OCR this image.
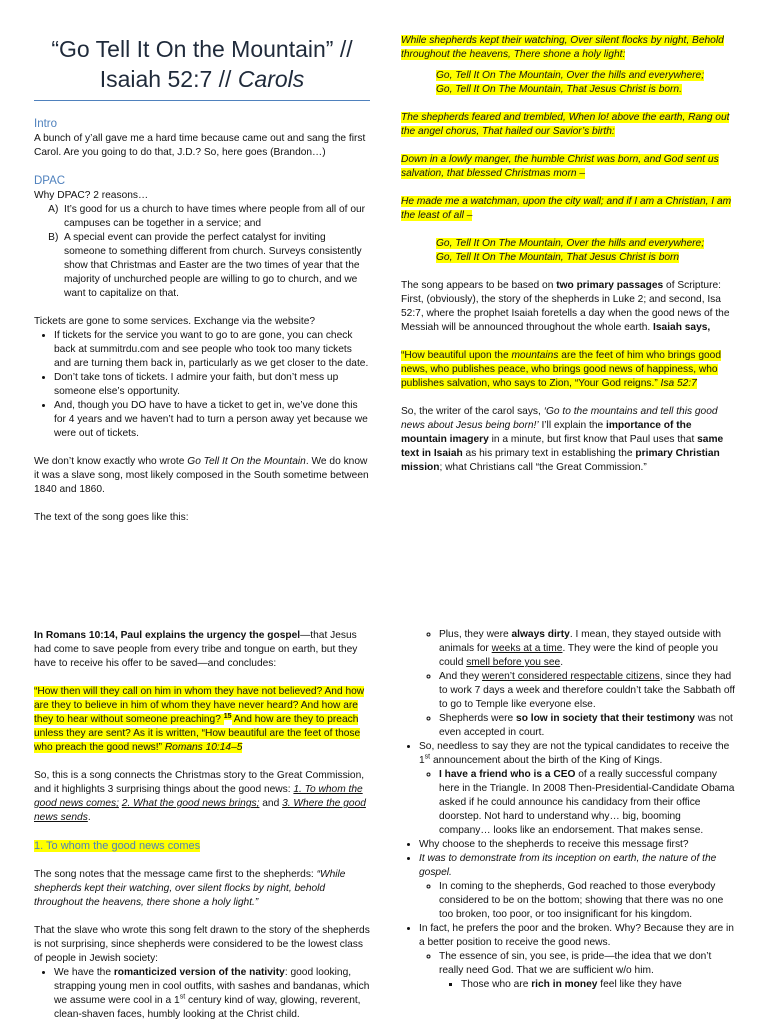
“Go Tell It On the Mountain” //
Isaiah 52:7 // Carols
Intro

A bunch of y’all gave me a hard time because came out and sang the first Carol. Are you going to do that, J.D.? So, here goes (Brandon…)

DPAC

Why DPAC? 2 reasons…

A. It’s good for us a church to have times where people from all of our campuses can be together in a service; and
B. A special event can provide the perfect catalyst for inviting someone to something different from church. Surveys consistently show that Christmas and Easter are the two times of year that the majority of unchurched people are willing to go to church, and we want to capitalize on that.

Tickets are gone to some services. Exchange via the website?

• If tickets for the service you want to go to are gone, you can check back at summitrdu.com and see people who took too many tickets and are turning them back in, particularly as we get closer to the date.
• Don’t take tons of tickets. I admire your faith, but don’t mess up someone else’s opportunity.
• And, though you DO have to have a ticket to get in, we’ve done this for 4 years and we haven’t had to turn a person away yet because we were out of tickets.

We don’t know exactly who wrote Go Tell It On the Mountain. We do know it was a slave song, most likely composed in the South sometime between 1840 and 1860.

The text of the song goes like this:

While shepherds kept their watching, Over silent flocks by night, Behold throughout the heavens, There shone a holy light:

Go, Tell It On The Mountain, Over the hills and everywhere;

Go, Tell It On The Mountain, That Jesus Christ is born.

The shepherds feared and trembled, When lo! above the earth, Rang out the angel chorus, That hailed our Savior’s birth:

Down in a lowly manger, the humble Christ was born, and God sent us salvation, that blessed Christmas morn –

He made me a watchman, upon the city wall; and if I am a Christian, I am the least of all –

Go, Tell It On The Mountain, Over the hills and everywhere;

Go, Tell It On The Mountain, That Jesus Christ is born

The song appears to be based on two primary passages of Scripture: First, (obviously), the story of the shepherds in Luke 2; and second, Isa 52:7, where the prophet Isaiah foretells a day when the good news of the Messiah will be announced throughout the whole earth. Isaiah says,

“How beautiful upon the mountains are the feet of him who brings good news, who publishes peace, who brings good news of happiness, who publishes salvation, who says to Zion, “Your God reigns.” Isa 52:7

So, the writer of the carol says, ‘Go to the mountains and tell this good news about Jesus being born!’ I’ll explain the importance of the mountain imagery in a minute, but first know that Paul uses that same text in Isaiah as his primary text in establishing the primary Christian mission; what Christians call “the Great Commission.”

In Romans 10:14, Paul explains the urgency the gospel—that Jesus had come to save people from every tribe and tongue on earth, but they have to receive his offer to be saved—and concludes:

“How then will they call on him in whom they have not believed? And how are they to believe in him of whom they have never heard? And how are they to hear without someone preaching? $^{15}$ And how are they to preach unless they are sent? As it is written, “How beautiful are the feet of those who preach the good news!” Romans 10:14–5

So, this is a song connects the Christmas story to the Great Commission, and it highlights 3 surprising things about the good news: 1. To whom the good news comes; 2. What the good news brings; and 3. Where the good news sends.

1. To whom the good news comes

The song notes that the message came first to the shepherds: “While shepherds kept their watching, over silent flocks by night, behold throughout the heavens, there shone a holy light.”

That the slave who wrote this song felt drawn to the story of the shepherds is not surprising, since shepherds were considered to be the lowest class of people in Jewish society:

• We have the romanticized version of the nativity: good looking, strapping young men in cool outfits, with sashes and bandanas, which we assume were cool in a 1st century kind of way, glowing, reverent, clean-shaven faces, humbly looking at the Christ child.
◦ Plus, they were always dirty. I mean, they stayed outside with animals for weeks at a time. They were the kind of people you could smell before you see.
◦ And they weren’t considered respectable citizens, since they had to work 7 days a week and therefore couldn’t take the Sabbath off to go to Temple like everyone else.
◦ Shepherds were so low in society that their testimony was not even accepted in court.
• So, needless to say they are not the typical candidates to receive the 1st announcement about the birth of the King of Kings.
◦ I have a friend who is a CEO of a really successful company here in the Triangle. In 2008 Then-Presidential-Candidate Obama asked if he could announce his candidacy from their office doorstep. Not hard to understand why… big, booming company… looks like an endorsement. That makes sense.
• Why choose to the shepherds to receive this message first?
• It was to demonstrate from its inception on earth, the nature of the gospel.
◦ In coming to the shepherds, God reached to those everybody considered to be on the bottom; showing that there was no one too broken, too poor, or too insignificant for his kingdom.
• In fact, he prefers the poor and the broken. Why? Because they are in a better position to receive the good news.
◦ The essence of sin, you see, is pride—the idea that we don’t really need God. That we are sufficient w/o him.
▪ Those who are rich in money feel like they have
